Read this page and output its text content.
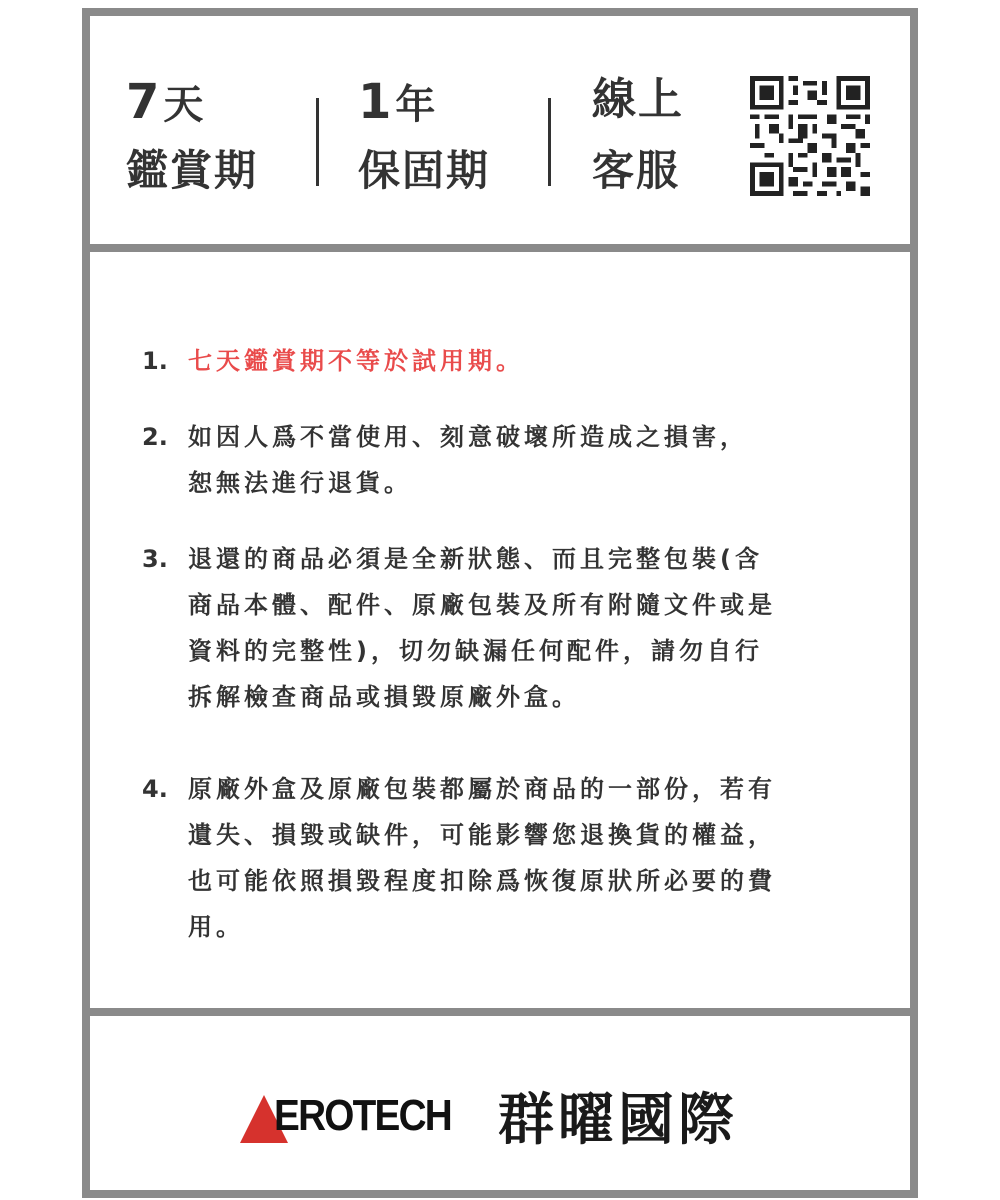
7 天
鑑賞期
1 年
保固期
線上
客服
1. 七天鑑賞期不等於試用期。
2. 如因人爲不當使用、刻意破壞所造成之損害，
恕無法進行退貨。
3. 退還的商品必須是全新狀態、而且完整包裝(含
商品本體、配件、原廠包裝及所有附隨文件或是
資料的完整性)，切勿缺漏任何配件，請勿自行
拆解檢查商品或損毀原廠外盒。
4. 原廠外盒及原廠包裝都屬於商品的一部份，若有
遺失、損毀或缺件，可能影響您退換貨的權益，
也可能依照損毀程度扣除爲恢復原狀所必要的費
用。
EROTECH 群曜國際
